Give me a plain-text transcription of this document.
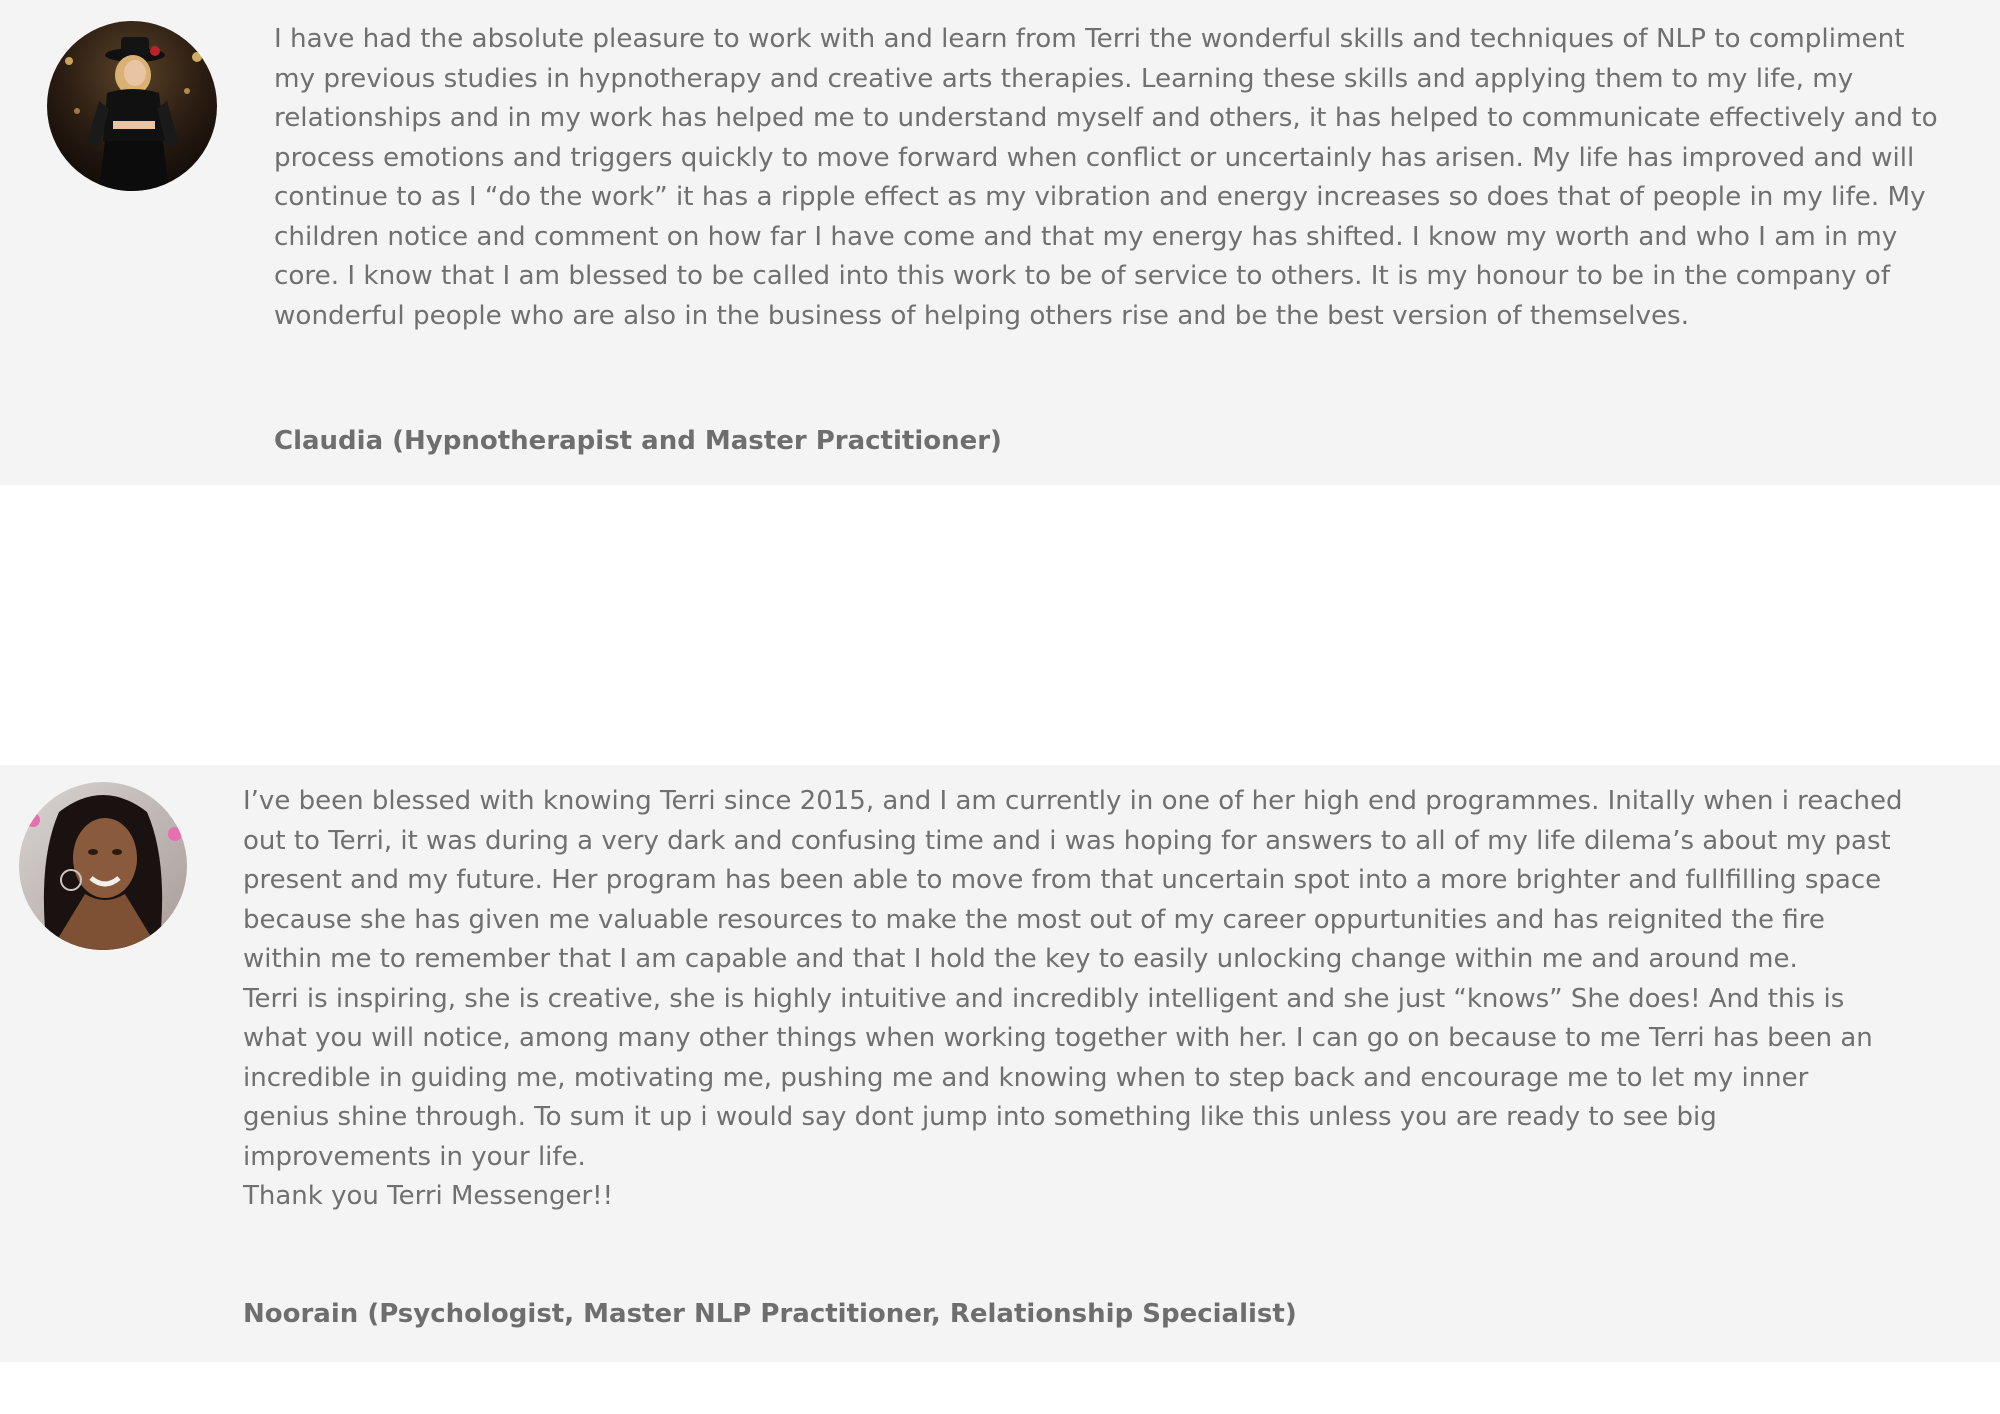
I have had the absolute pleasure to work with and learn from Terri the wonderful skills and techniques of NLP to compliment
my previous studies in hypnotherapy and creative arts therapies. Learning these skills and applying them to my life, my
relationships and in my work has helped me to understand myself and others, it has helped to communicate effectively and to
process emotions and triggers quickly to move forward when conflict or uncertainly has arisen. My life has improved and will
continue to as I “do the work” it has a ripple effect as my vibration and energy increases so does that of people in my life. My
children notice and comment on how far I have come and that my energy has shifted. I know my worth and who I am in my
core. I know that I am blessed to be called into this work to be of service to others. It is my honour to be in the company of
wonderful people who are also in the business of helping others rise and be the best version of themselves.

Claudia (Hypnotherapist and Master Practitioner)

I’ve been blessed with knowing Terri since 2015, and I am currently in one of her high end programmes. Initally when i reached
out to Terri, it was during a very dark and confusing time and i was hoping for answers to all of my life dilema’s about my past
present and my future. Her program has been able to move from that uncertain spot into a more brighter and fullfilling space
because she has given me valuable resources to make the most out of my career oppurtunities and has reignited the fire
within me to remember that I am capable and that I hold the key to easily unlocking change within me and around me.
Terri is inspiring, she is creative, she is highly intuitive and incredibly intelligent and she just “knows” She does! And this is
what you will notice, among many other things when working together with her. I can go on because to me Terri has been an
incredible in guiding me, motivating me, pushing me and knowing when to step back and encourage me to let my inner
genius shine through. To sum it up i would say dont jump into something like this unless you are ready to see big
improvements in your life.
Thank you Terri Messenger!!

Noorain (Psychologist, Master NLP Practitioner, Relationship Specialist)
